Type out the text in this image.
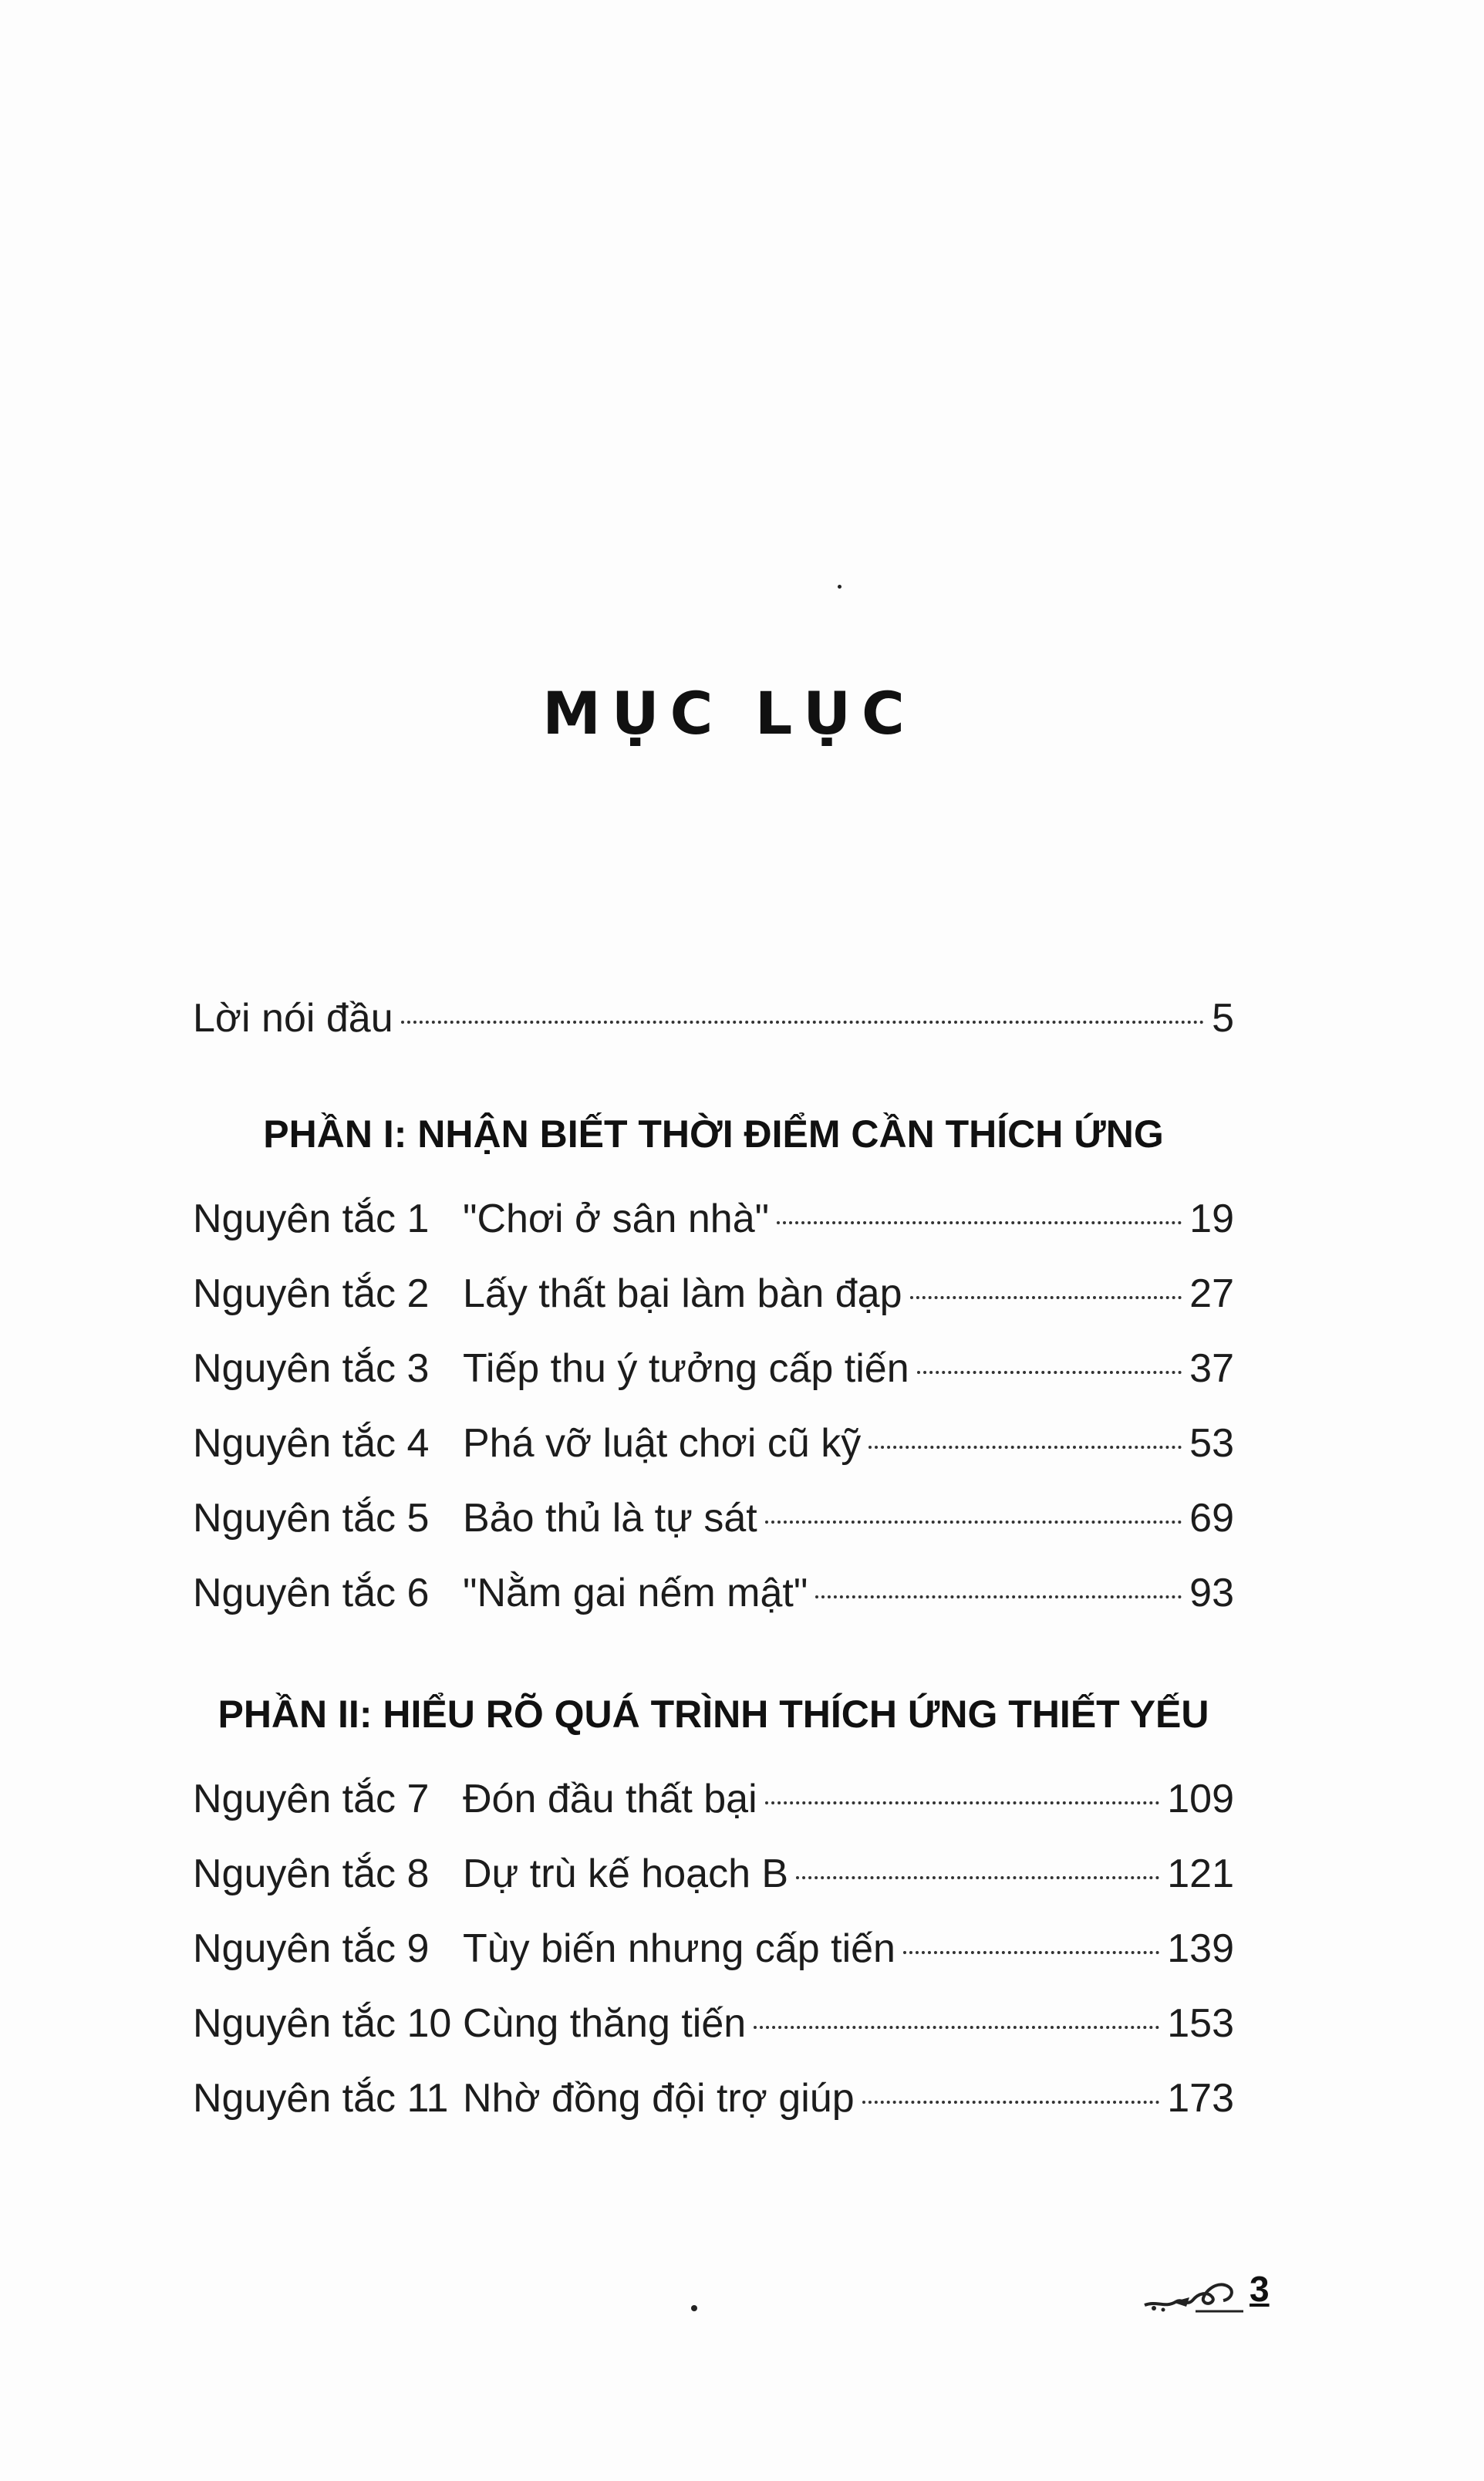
MỤC LỤC
Lời nói đầu	5
PHẦN I: NHẬN BIẾT THỜI ĐIỂM CẦN THÍCH ỨNG
Nguyên tắc 1 "Chơi ở sân nhà"	19
Nguyên tắc 2 Lấy thất bại làm bàn đạp	27
Nguyên tắc 3 Tiếp thu ý tưởng cấp tiến	37
Nguyên tắc 4 Phá vỡ luật chơi cũ kỹ	53
Nguyên tắc 5 Bảo thủ là tự sát	69
Nguyên tắc 6 "Nằm gai nếm mật"	93
PHẦN II: HIỂU RÕ QUÁ TRÌNH THÍCH ỨNG THIẾT YẾU
Nguyên tắc 7 Đón đầu thất bại	109
Nguyên tắc 8 Dự trù kế hoạch B	121
Nguyên tắc 9 Tùy biến nhưng cấp tiến	139
Nguyên tắc 10 Cùng thăng tiến	153
Nguyên tắc 11 Nhờ đồng đội trợ giúp	173
3
